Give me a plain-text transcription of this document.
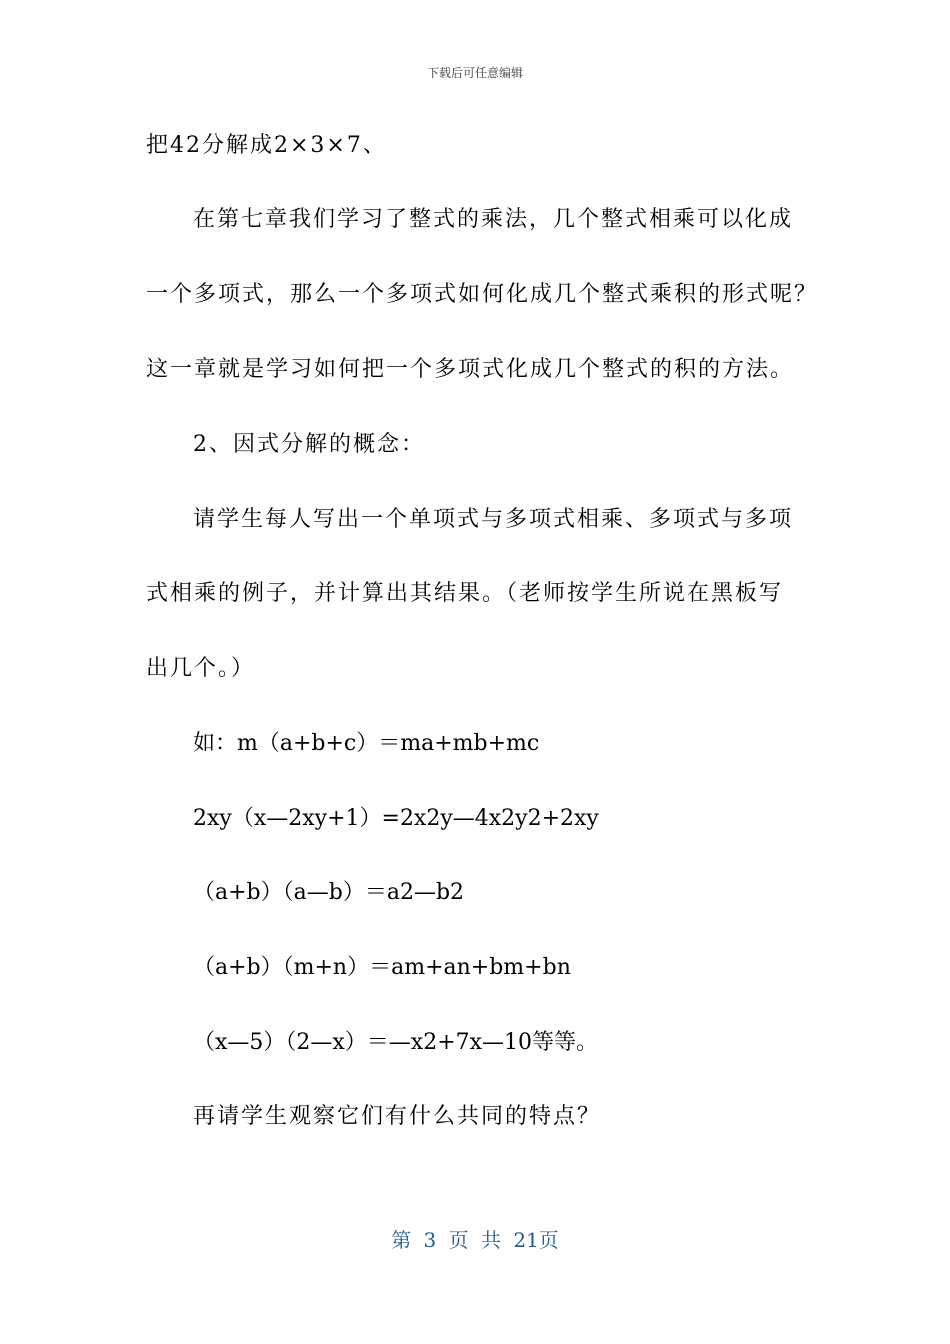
下载后可任意编辑
把42分解成2×3×7、
在第七章我们学习了整式的乘法，几个整式相乘可以化成
一个多项式，那么一个多项式如何化成几个整式乘积的形式呢？
这一章就是学习如何把一个多项式化成几个整式的积的方法。
2、因式分解的概念：
请学生每人写出一个单项式与多项式相乘、多项式与多项
式相乘的例子，并计算出其结果。（老师按学生所说在黑板写
出几个。）
如：m（a+b+c）＝ma+mb+mc
2xy（x—2xy+1）=2x2y—4x2y2+2xy
（a+b）（a—b）＝a2—b2
（a+b）（m+n）＝am+an+bm+bn
（x—5）（2—x）＝—x2+7x—10等等。
再请学生观察它们有什么共同的特点？
第 3 页 共 21页
